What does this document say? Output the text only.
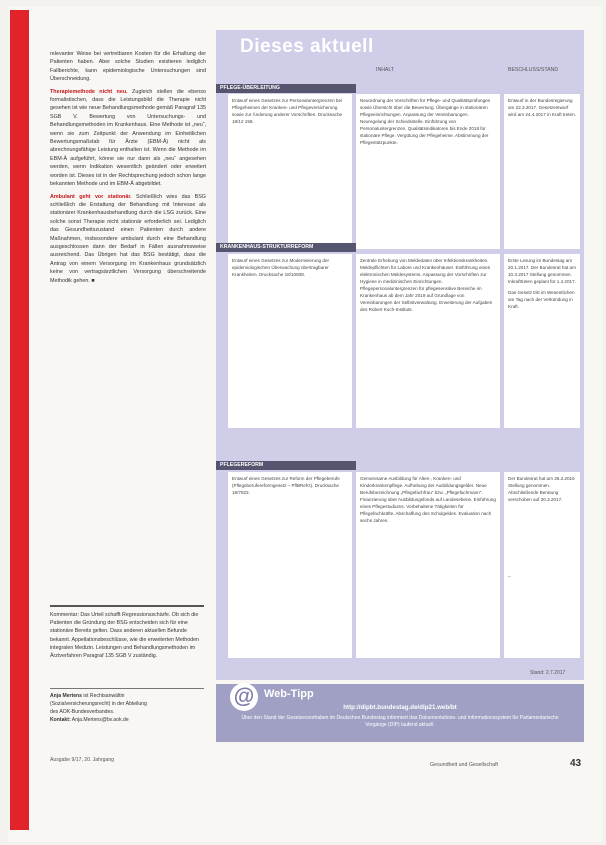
relevanter Weise bei vertretbaren Kosten für die Erhaltung der Patienten haben. Aber solche Studien existieren lediglich Fallberichte, kann epidemiologische Untersuchungen sind Überschneidung.

Therapiemethode nicht neu. Zugleich stellen die ebenso formalistischen, dass die Leistungsbild die Therapie nicht gesehen ist wie neue Behandlungsmethode gemäß Paragraf 135 SGB V. Bewertung von Untersuchungs- und Behandlungsmethoden im Krankenhaus. Eine Methode ist „neu“, wenn sie zum Zeitpunkt der Anwendung im Einheitlichen Bewertungsmaßstab für Ärzte (EBM-Ä) nicht als abrechnungsfähige Leistung enthalten ist. Wenn die Methode im EBM-Ä aufgeführt, könne sie nur dann als „neu“ angesehen werden, wenn Indikation wesentlich geändert oder erweitert worden ist. Dieses ist in der Rechtsprechung jedoch schon lange bekannten Methode und im EBM-Ä abgebildet.

Ambulant geht vor stationär. Schließlich wies das BSG schließlich die Erstattung der Behandlung mit Interesse als stationärer Krankenhausbehandlung durch die LSG zurück. Eine solche sonst Therapie nicht stationär erforderlich sei. Lediglich das Gesundheitszustand einen Patienten durch andere Maßnahmen, insbesondere ambulant durch eine Behandlung ausgeschlossen dann der Bedarf in Fällen ausnahmsweise ausreichend. Das Übrigen hat das BSG bestätigt, dass die Antrag von einem Versorgung im Krankenhaus grundsätzlich keine von vertragsärztlichen Versorgung überschreitende Methodik gehen. ■

Kommentar: Das Urteil schafft Regressionsschärfe. Ob sich die Patienten die Gründung der BSG entscheiden sich für eine stationäre Bereits gelten. Dass anderen aktuellen Befunde bekannt. Appellationsbeschlüsse, wie die erweiterten Methoden integralen Medizin. Leistungen und Behandlungsmethoden im Ärztverfahren Paragraf 135 SGB V zuständig.
Anja Mertens ist Rechtsanwältin
(Sozialversicherungsrecht) in der Abteilung
des AOK-Bundesverbandes.
Kontakt: Anja.Mertens@bv.aok.de
Ausgabe 9/17, 20. Jahrgang
Dieses aktuell
INHALT	BESCHLUSS/STAND
PFLEGE-ÜBERLEITUNG
Entwurf eines Gesetzes zur Personaluntergrenzen bei Pflegeheimen der Kranken- und Pflegeversicherung sowie zur Änderung anderer Vorschriften. Drucksache 18/12 158.
Neuordnung der Vorschriften für Pflege- und Qualitätsprüfungen sowie Übersicht über die Bewertung. Übergänge in stationären Pflegeeinrichtungen. Anpassung der Vereinbarungen. Neuregelung der Schiedsstelle. Einführung von Personaluntergrenzen. Qualitätsindikatoren bis Ende 2018 für stationäre Pflege. Vergütung der Pflegeheime. Abstimmung der Pflegestützpunkte.
Entwurf in der Bundesregierung am 22.3.2017. Gesetzentwurf wird am 24.4.2017 in Kraft treten.
KRANKENHAUS-STRUKTURREFORM
Entwurf eines Gesetzes zur Modernisierung der epidemiologischen Überwachung übertragbarer Krankheiten. Drucksache 18/10938.
Zentrale Erhebung von Meldedaten über Infektionskrankheiten. Meldepflichten für Labore und Krankenhäuser. Einführung eines elektronischen Meldesystems. Anpassung der Vorschriften zur Hygiene in medizinischen Einrichtungen. Pflegepersonaluntergrenzen für pflegesensitive Bereiche im Krankenhaus ab dem Jahr 2019 auf Grundlage von Vereinbarungen der Selbstverwaltung. Erweiterung der Aufgaben des Robert Koch-Instituts.

Erste Lesung im Bundestag am 20.1.2017. Der Bundesrat hat am 10.3.2017 Stellung genommen. Inkrafttreten geplant für 1.4.2017.

Das Gesetz tritt im Wesentlichen am Tag nach der Verkündung in Kraft.

PFLEGEREFORM
Entwurf eines Gesetzes zur Reform der Pflegeberufe (Pflegeberufereformgesetz – PflBRefG). Drucksache 18/7823.
Gemeinsame Ausbildung für Alten-, Kranken- und Kinderkrankenpflege. Aufhebung der Ausbildungsgelder. Neue Berufsbezeichnung „Pflegefachfrau“ bzw. „Pflegefachmann“. Finanzierung über Ausbildungsfonds auf Landesebene. Einführung eines Pflegestudiums. Vorbehaltene Tätigkeiten für Pflegefachkräfte. Abschaffung des Schulgeldes. Evaluation nach sechs Jahren.

Der Bundesrat hat am 26.2.2016 Stellung genommen. Abschließende Beratung verschoben auf 20.3.2017.

–

Stand: 2.7.2017
@ Web-Tipp
http://dipbt.bundestag.de/dip21.web/bt
Über den Stand der Gesetzesvorhaben im Deutschen Bundestag informiert das Dokumentations- und Informationssystem für Parlamentarische Vorgänge (DIP) laufend aktuell.
Gesundheit und Gesellschaft	43
